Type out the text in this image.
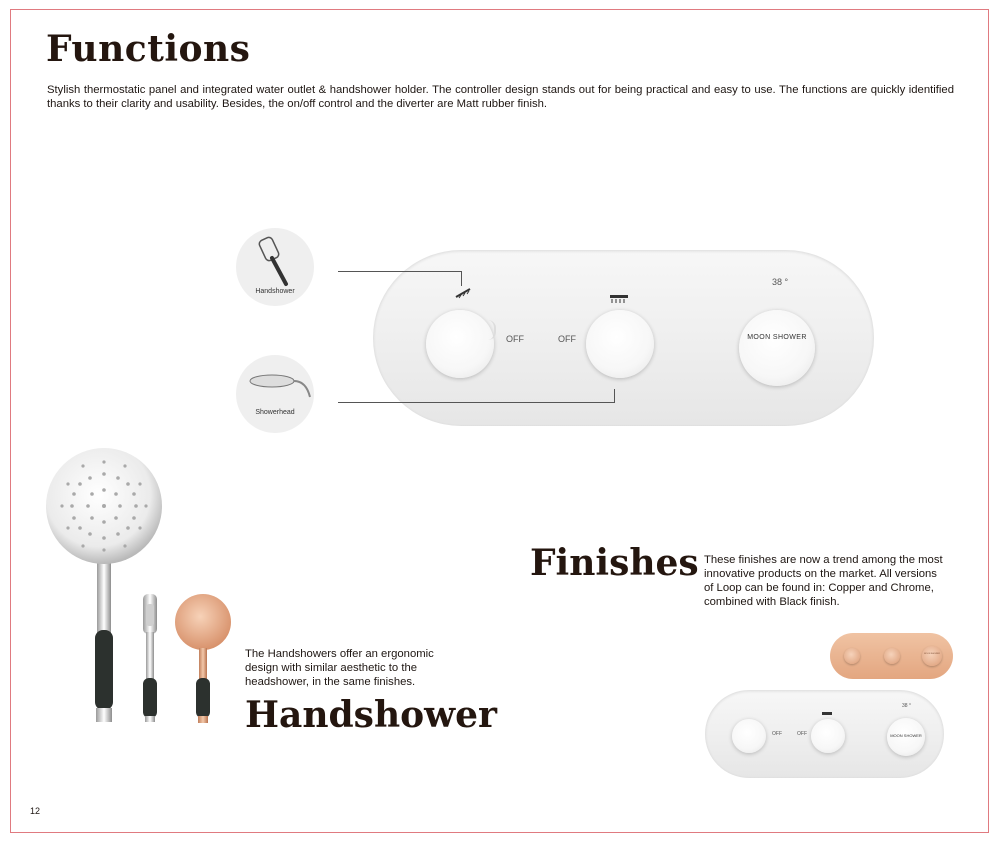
Functions
Stylish thermostatic panel and integrated water outlet & handshower holder. The controller design stands out for being practical and easy to use. The functions are quickly identified thanks to their clarity and usability. Besides, the on/off control and the diverter are Matt rubber finish.
OFF	OFF
38 °
MOON SHOWER
Handshower
Showerhead
Finishes These finishes are now a trend among the most innovative products on the market. All versions of Loop can be found in: Copper and Chrome, combined with Black finish.
MOON SHOWER
OFF	OFF
38 °
MOON SHOWER
The Handshowers offer an ergonomic design with similar aesthetic to the headshower, in the same finishes.
Handshower
12
